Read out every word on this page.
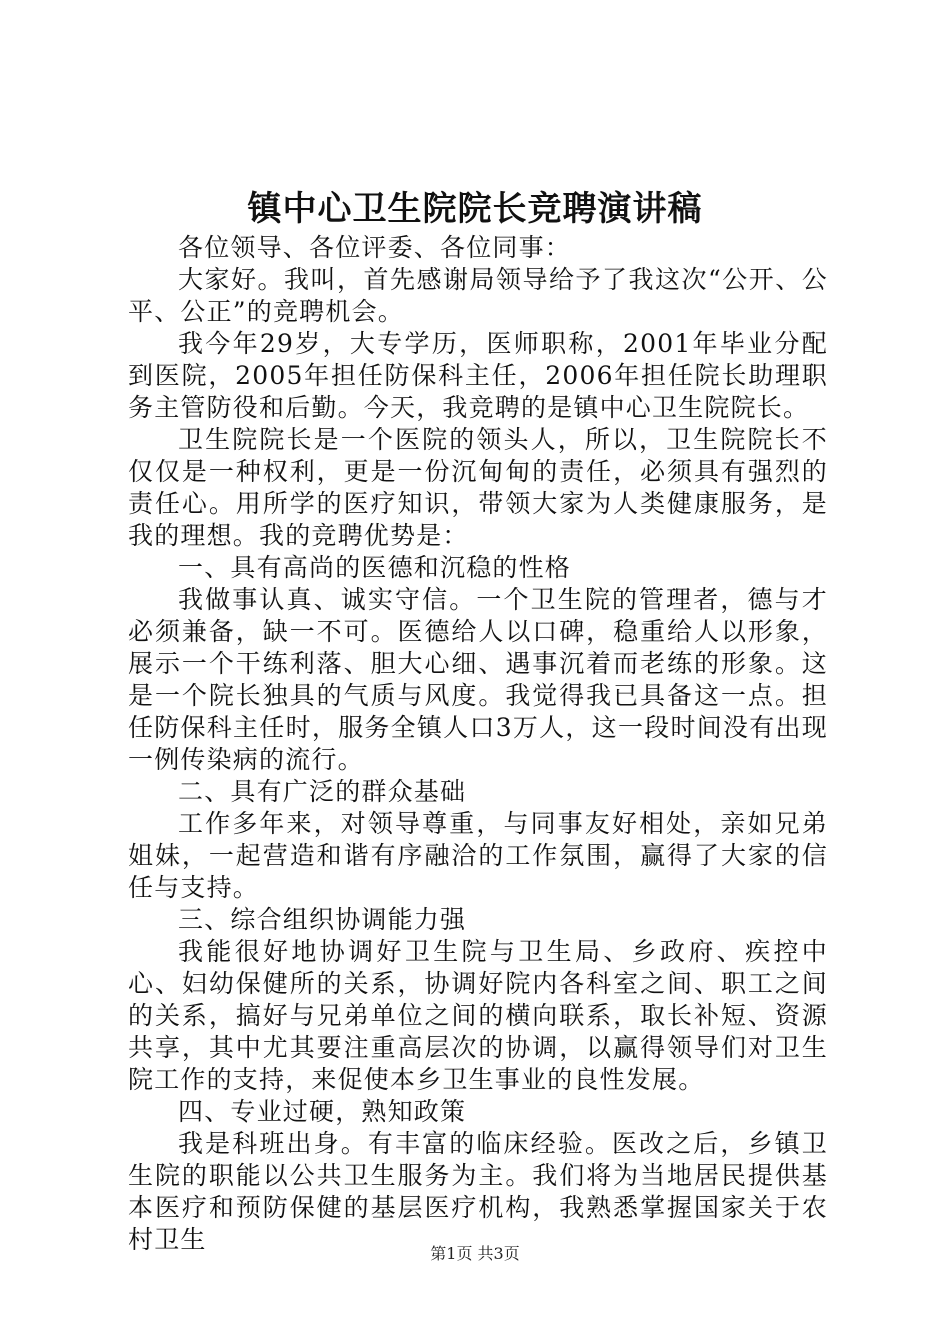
镇中心卫生院院长竞聘演讲稿

各位领导、各位评委、各位同事：

大家好。我叫，首先感谢局领导给予了我这次“公开、公平、公正”的竞聘机会。

我今年29岁，大专学历，医师职称，2001年毕业分配到医院，2005年担任防保科主任，2006年担任院长助理职务主管防役和后勤。今天，我竞聘的是镇中心卫生院院长。

卫生院院长是一个医院的领头人，所以，卫生院院长不仅仅是一种权利，更是一份沉甸甸的责任，必须具有强烈的责任心。用所学的医疗知识，带领大家为人类健康服务，是我的理想。我的竞聘优势是：

一、具有高尚的医德和沉稳的性格

我做事认真、诚实守信。一个卫生院的管理者，德与才必须兼备，缺一不可。医德给人以口碑，稳重给人以形象，展示一个干练利落、胆大心细、遇事沉着而老练的形象。这是一个院长独具的气质与风度。我觉得我已具备这一点。担任防保科主任时，服务全镇人口3万人，这一段时间没有出现一例传染病的流行。

二、具有广泛的群众基础

工作多年来，对领导尊重，与同事友好相处，亲如兄弟姐妹，一起营造和谐有序融洽的工作氛围，赢得了大家的信任与支持。

三、综合组织协调能力强

我能很好地协调好卫生院与卫生局、乡政府、疾控中心、妇幼保健所的关系，协调好院内各科室之间、职工之间的关系，搞好与兄弟单位之间的横向联系，取长补短、资源共享，其中尤其要注重高层次的协调，以赢得领导们对卫生院工作的支持，来促使本乡卫生事业的良性发展。

四、专业过硬，熟知政策

我是科班出身。有丰富的临床经验。医改之后，乡镇卫生院的职能以公共卫生服务为主。我们将为当地居民提供基本医疗和预防保健的基层医疗机构，我熟悉掌握国家关于农村卫生	第1页 共3页
